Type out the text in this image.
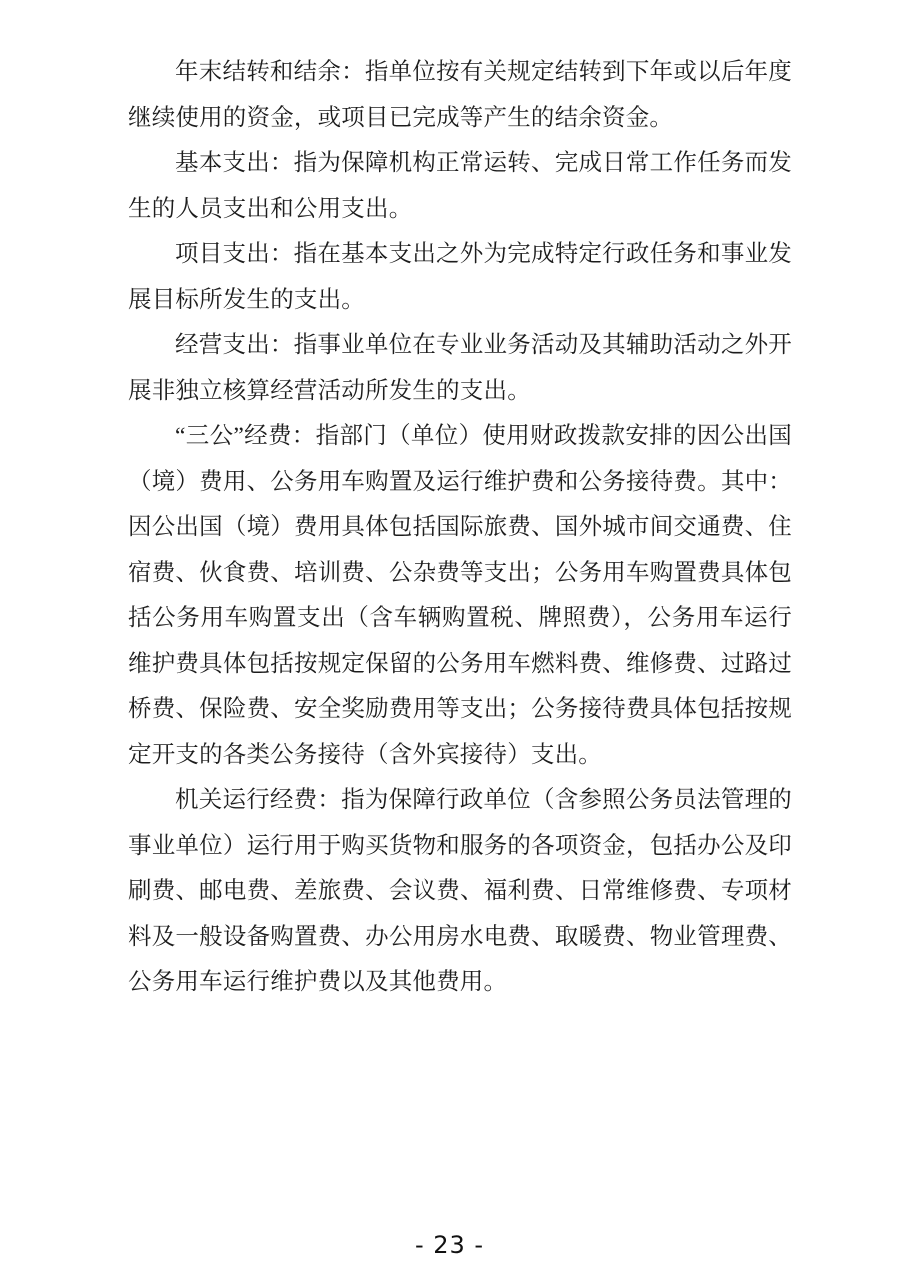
年末结转和结余：指单位按有关规定结转到下年或以后年度继续使用的资金，或项目已完成等产生的结余资金。

基本支出：指为保障机构正常运转、完成日常工作任务而发生的人员支出和公用支出。

项目支出：指在基本支出之外为完成特定行政任务和事业发展目标所发生的支出。

经营支出：指事业单位在专业业务活动及其辅助活动之外开展非独立核算经营活动所发生的支出。

“三公”经费：指部门（单位）使用财政拨款安排的因公出国（境）费用、公务用车购置及运行维护费和公务接待费。其中：因公出国（境）费用具体包括国际旅费、国外城市间交通费、住宿费、伙食费、培训费、公杂费等支出；公务用车购置费具体包括公务用车购置支出（含车辆购置税、牌照费），公务用车运行维护费具体包括按规定保留的公务用车燃料费、维修费、过路过桥费、保险费、安全奖励费用等支出；公务接待费具体包括按规定开支的各类公务接待（含外宾接待）支出。

机关运行经费：指为保障行政单位（含参照公务员法管理的事业单位）运行用于购买货物和服务的各项资金，包括办公及印刷费、邮电费、差旅费、会议费、福利费、日常维修费、专项材料及一般设备购置费、办公用房水电费、取暖费、物业管理费、公务用车运行维护费以及其他费用。

- 23 -
